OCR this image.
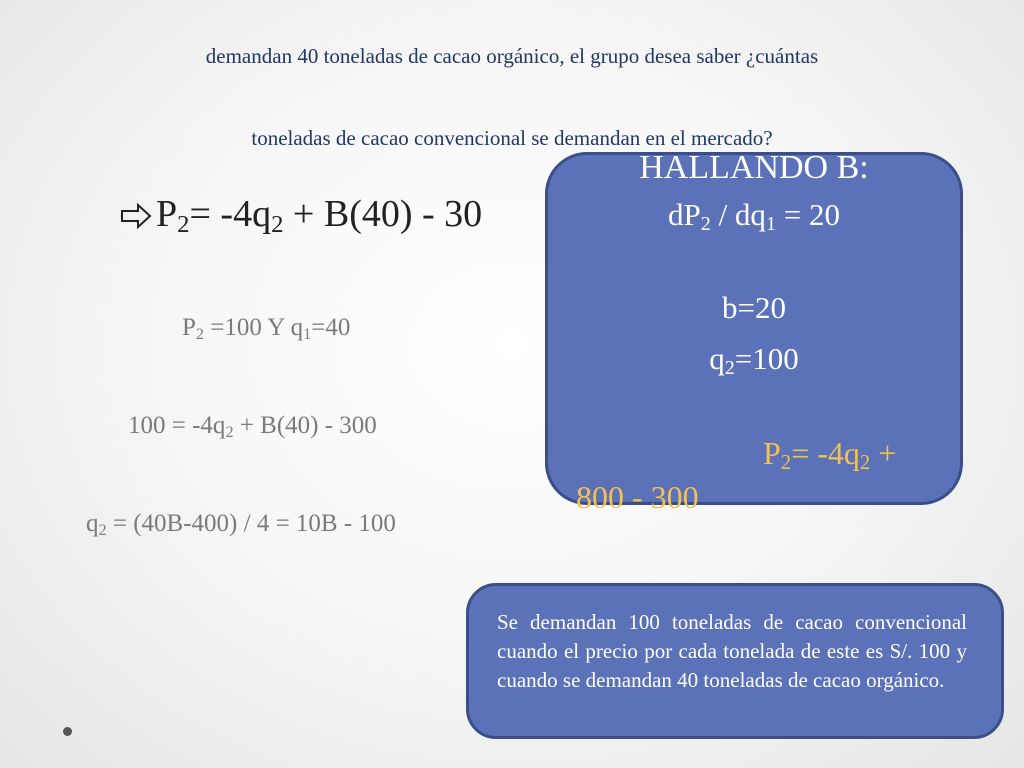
demandan 40 toneladas de cacao orgánico, el grupo desea saber ¿cuántas
toneladas de cacao convencional se demandan en el mercado?
$P_2= -4q_2 + B(40) - 30$
$P_2 =100$ Y $q_1=40$
$100 = -4q_2 + B(40) - 300$
$q_2 = (40B-400) / 4 = 10B - 100$
HALLANDO B:
$dP_2 / dq_1 = 20$
b=20
$q_2=100$
$P_2= -4q_2$ +
800 - 300
Se demandan 100 toneladas de cacao convencional cuando el precio por cada tonelada de este es S/. 100 y cuando se demandan 40 toneladas de cacao orgánico.
